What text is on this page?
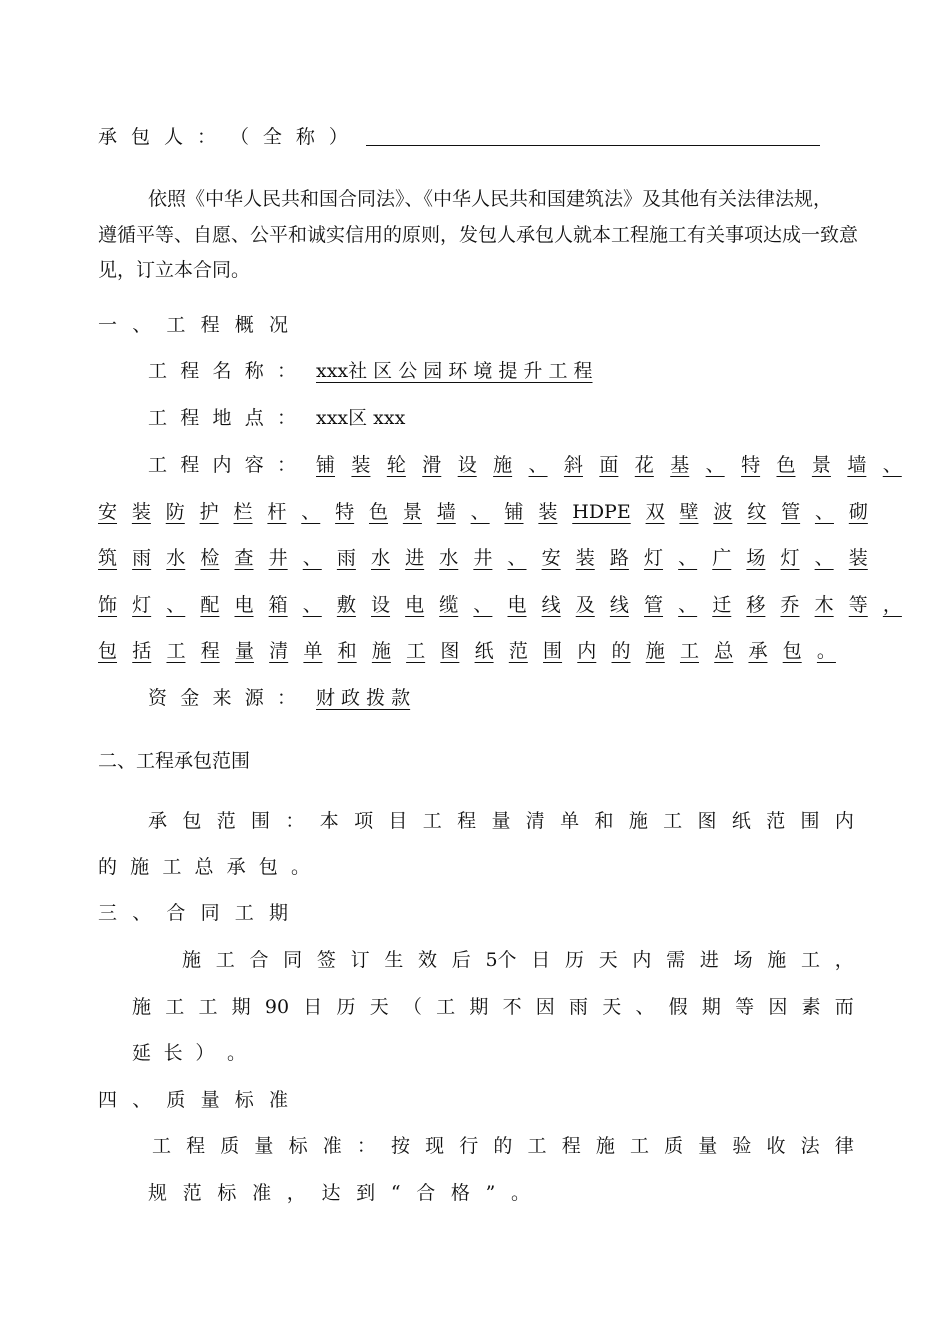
承 包 人 ： （ 全 称 ）
依照《中华人民共和国合同法》、《中华人民共和国建筑法》及其他有关法律法规，
遵循平等、自愿、公平和诚实信用的原则，发包人承包人就本工程施工有关事项达成一致意
见，订立本合同。
一 、 工 程 概 况
工 程 名 称 ： xxx社 区 公 园 环 境 提 升 工 程
工 程 地 点 ： xxx区 xxx
工 程 内 容 ： 铺 装 轮 滑 设 施 、 斜 面 花 基 、 特 色 景 墙 、
安 装 防 护 栏 杆 、 特 色 景 墙 、 铺 装 HDPE 双 壁 波 纹 管 、 砌
筑 雨 水 检 查 井 、 雨 水 进 水 井 、 安 装 路 灯 、 广 场 灯 、 装
饰 灯 、 配 电 箱 、 敷 设 电 缆 、 电 线 及 线 管 、 迁 移 乔 木 等 ，
包 括 工 程 量 清 单 和 施 工 图 纸 范 围 内 的 施 工 总 承 包 。
资 金 来 源 ： 财 政 拨 款
二、工程承包范围
承 包 范 围 ： 本 项 目 工 程 量 清 单 和 施 工 图 纸 范 围 内
的 施 工 总 承 包 。
三 、 合 同 工 期
施 工 合 同 签 订 生 效 后 5个 日 历 天 内 需 进 场 施 工 ，
施 工 工 期 90 日 历 天 （ 工 期 不 因 雨 天 、 假 期 等 因 素 而
延 长 ） 。
四 、 质 量 标 准
工 程 质 量 标 准 ： 按 现 行 的 工 程 施 工 质 量 验 收 法 律
规 范 标 准 ， 达 到 “ 合 格 ” 。
